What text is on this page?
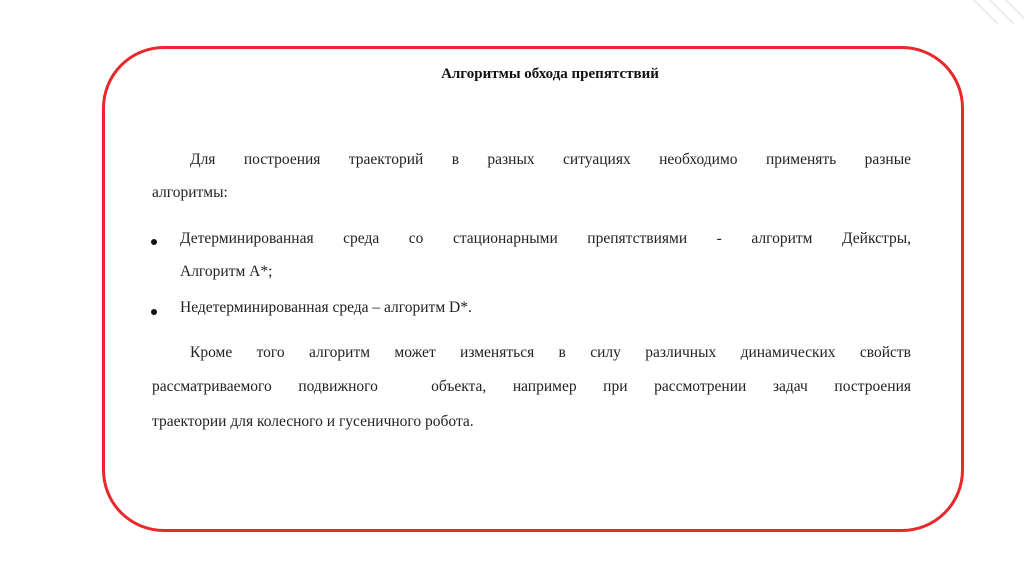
Алгоритмы обхода препятствий
Для построения траекторий в разных ситуациях необходимо применять разные
алгоритмы:
Детерминированная среда со стационарными препятствиями - алгоритм Дейкстры,
Алгоритм A*;
Недетерминированная среда – алгоритм D*.
Кроме того алгоритм может изменяться в силу различных динамических свойств
рассматриваемого подвижного  объекта, например при рассмотрении задач построения
траектории для колесного и гусеничного робота.
